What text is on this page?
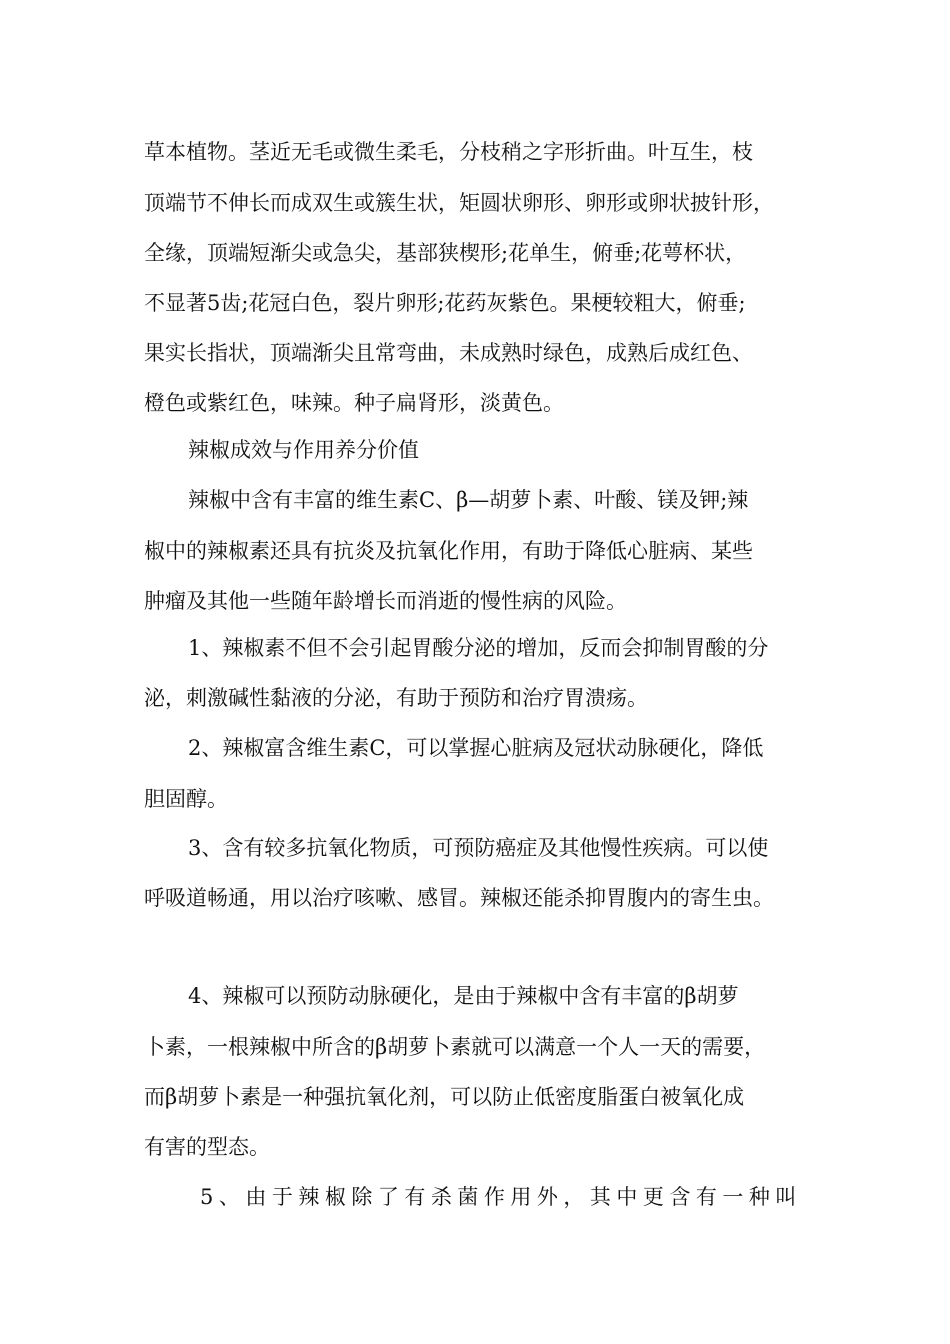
草本植物。茎近无毛或微生柔毛，分枝稍之字形折曲。叶互生，枝
顶端节不伸长而成双生或簇生状，矩圆状卵形、卵形或卵状披针形，
全缘，顶端短渐尖或急尖，基部狭楔形;花单生，俯垂;花萼杯状，
不显著5齿;花冠白色，裂片卵形;花药灰紫色。果梗较粗大，俯垂;
果实长指状，顶端渐尖且常弯曲，未成熟时绿色，成熟后成红色、
橙色或紫红色，味辣。种子扁肾形，淡黄色。
辣椒成效与作用养分价值
辣椒中含有丰富的维生素C、β—胡萝卜素、叶酸、镁及钾;辣
椒中的辣椒素还具有抗炎及抗氧化作用，有助于降低心脏病、某些
肿瘤及其他一些随年龄增长而消逝的慢性病的风险。
1、辣椒素不但不会引起胃酸分泌的增加，反而会抑制胃酸的分
泌，刺激碱性黏液的分泌，有助于预防和治疗胃溃疡。
2、辣椒富含维生素C，可以掌握心脏病及冠状动脉硬化，降低
胆固醇。
3、含有较多抗氧化物质，可预防癌症及其他慢性疾病。可以使
呼吸道畅通，用以治疗咳嗽、感冒。辣椒还能杀抑胃腹内的寄生虫。
4、辣椒可以预防动脉硬化，是由于辣椒中含有丰富的β胡萝
卜素，一根辣椒中所含的β胡萝卜素就可以满意一个人一天的需要，
而β胡萝卜素是一种强抗氧化剂，可以防止低密度脂蛋白被氧化成
有害的型态。
5、由于辣椒除了有杀菌作用外，其中更含有一种叫
